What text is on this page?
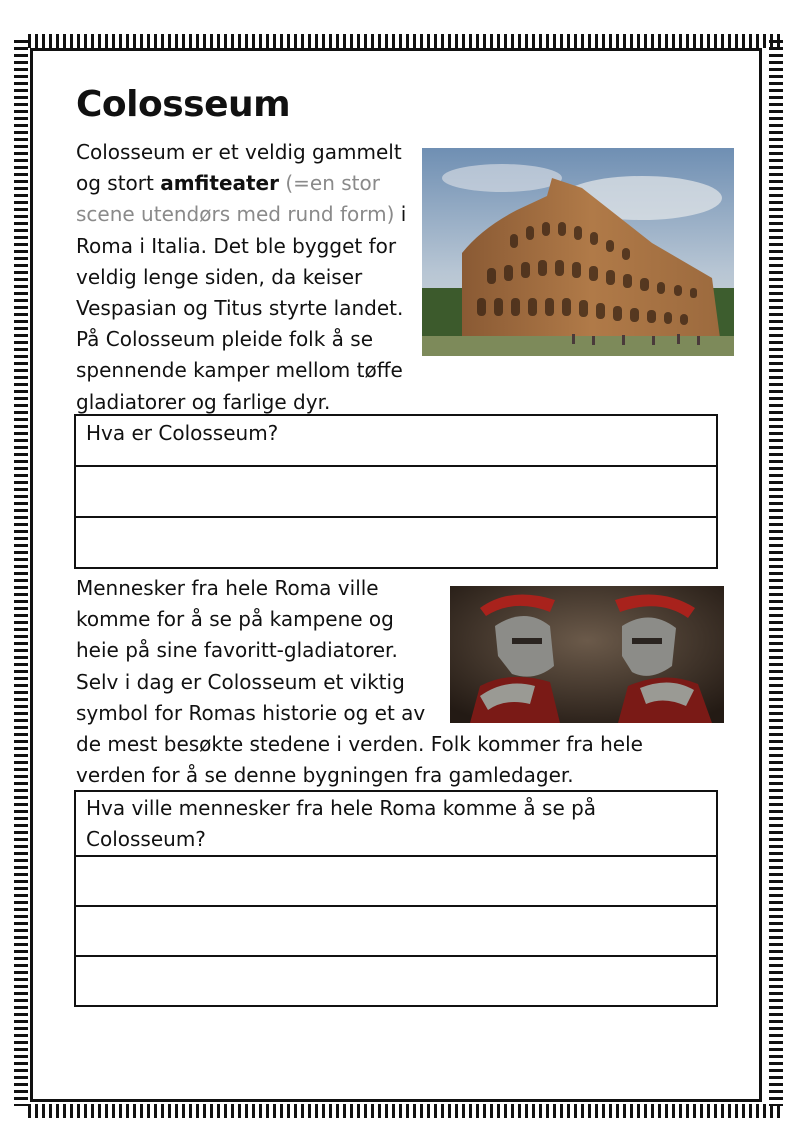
Colosseum

Colosseum er et veldig gammelt og stort amfiteater (=en stor scene utendørs med rund form) i Roma i Italia. Det ble bygget for veldig lenge siden, da keiser Vespasian og Titus styrte landet. På Colosseum pleide folk å se spennende kamper mellom tøffe gladiatorer og farlige dyr.

Hva er Colosseum?

Mennesker fra hele Roma ville komme for å se på kampene og heie på sine favoritt-gladiatorer. Selv i dag er Colosseum et viktig symbol for Romas historie og et av
de mest besøkte stedene i verden. Folk kommer fra hele verden for å se denne bygningen fra gamledager.

Hva ville mennesker fra hele Roma komme å se på Colosseum?
